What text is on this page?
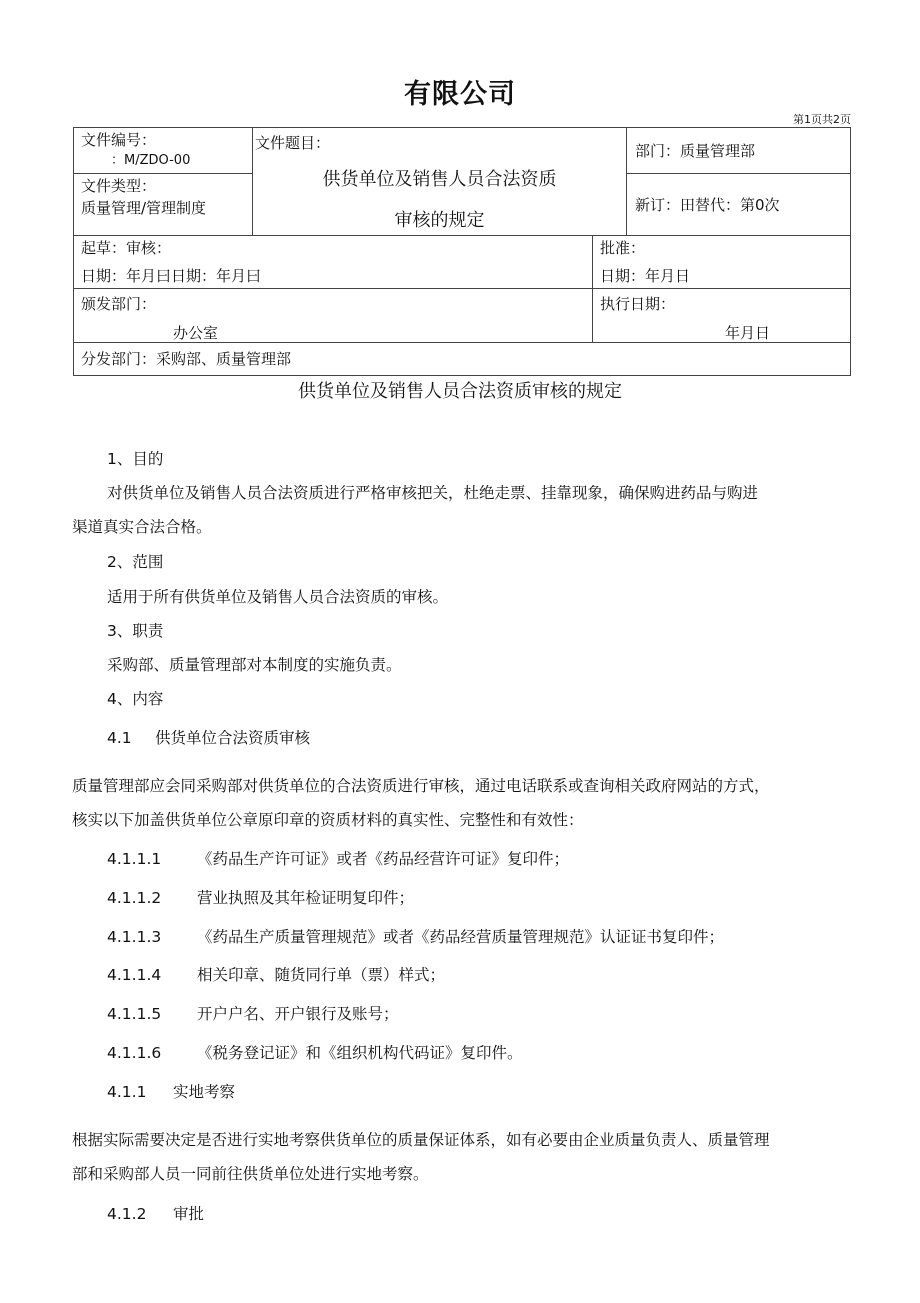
有限公司
第1页共2页
文件编号：
：M/ZDO-00
文件类型：
质量管理/管理制度
文件题目：
供货单位及销售人员合法资质
审核的规定
部门：质量管理部
新订：田替代：第0次
起草：审核：
日期：年月曰日期：年月曰
批准：
日期：年月日
颁发部门：
办公室
执行日期：
年月日
分发部门：采购部、质量管理部
供货单位及销售人员合法资质审核的规定
1、目的
对供货单位及销售人员合法资质进行严格审核把关，杜绝走票、挂靠现象，确保购进药品与购进
渠道真实合法合格。
2、范围
适用于所有供货单位及销售人员合法资质的审核。
3、职责
采购部、质量管理部对本制度的实施负责。
4、内容
4.1 供货单位合法资质审核
质量管理部应会同采购部对供货单位的合法资质进行审核，通过电话联系或查询相关政府网站的方式，
核实以下加盖供货单位公章原印章的资质材料的真实性、完整性和有效性：
4.1.1.1 《药品生产许可证》或者《药品经营许可证》复印件；
4.1.1.2 营业执照及其年检证明复印件；
4.1.1.3 《药品生产质量管理规范》或者《药品经营质量管理规范》认证证书复印件；
4.1.1.4 相关印章、随货同行单（票）样式；
4.1.1.5 开户户名、开户银行及账号；
4.1.1.6 《税务登记证》和《组织机构代码证》复印件。
4.1.1 实地考察
根据实际需要决定是否进行实地考察供货单位的质量保证体系，如有必要由企业质量负责人、质量管理
部和采购部人员一同前往供货单位处进行实地考察。
4.1.2 审批
